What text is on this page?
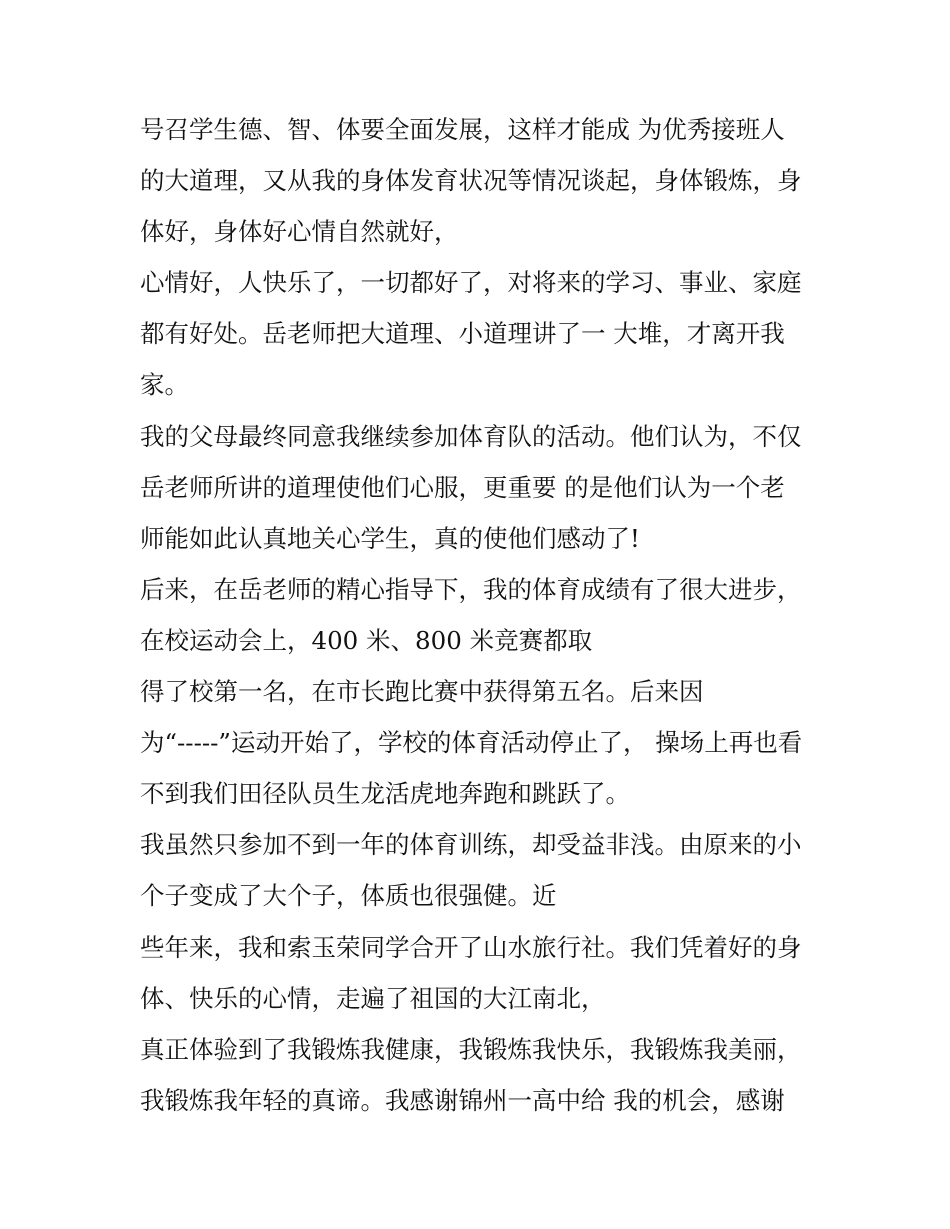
号召学生德、智、体要全面发展，这样才能成 为优秀接班人
的大道理，又从我的身体发育状况等情况谈起，身体锻炼，身
体好，身体好心情自然就好，
心情好，人快乐了，一切都好了，对将来的学习、事业、家庭
都有好处。岳老师把大道理、小道理讲了一 大堆，才离开我
家。
我的父母最终同意我继续参加体育队的活动。他们认为，不仅
岳老师所讲的道理使他们心服，更重要 的是他们认为一个老
师能如此认真地关心学生，真的使他们感动了!
后来，在岳老师的精心指导下，我的体育成绩有了很大进步，
在校运动会上，400 米、800 米竞赛都取
得了校第一名，在市长跑比赛中获得第五名。后来因
为“-----”运动开始了，学校的体育活动停止了， 操场上再也看
不到我们田径队员生龙活虎地奔跑和跳跃了。
我虽然只参加不到一年的体育训练，却受益非浅。由原来的小
个子变成了大个子，体质也很强健。近
些年来，我和索玉荣同学合开了山水旅行社。我们凭着好的身
体、快乐的心情，走遍了祖国的大江南北，
真正体验到了我锻炼我健康，我锻炼我快乐，我锻炼我美丽，
我锻炼我年轻的真谛。我感谢锦州一高中给 我的机会，感谢
